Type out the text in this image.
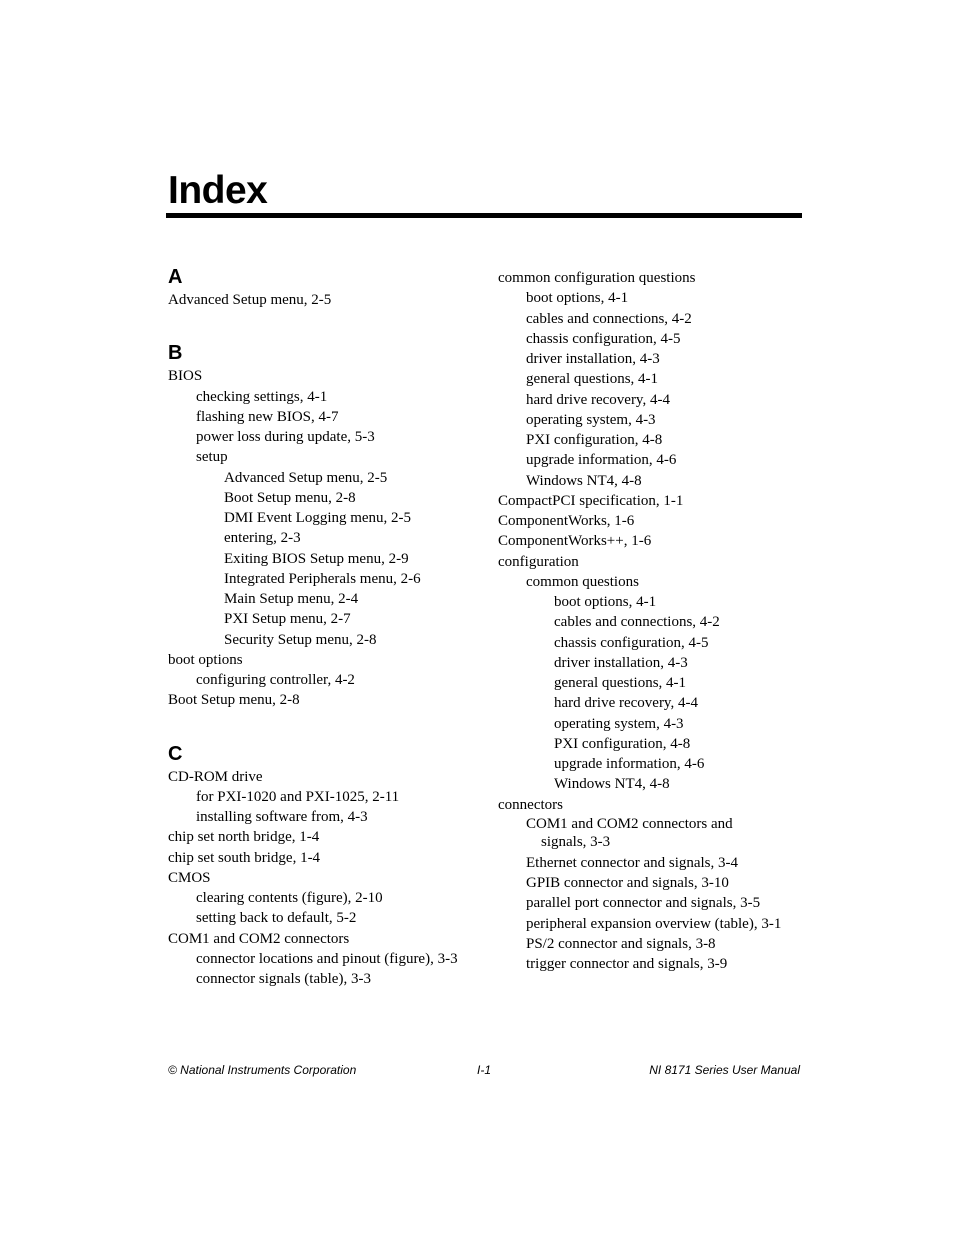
Index
A
Advanced Setup menu, 2-5
B
BIOS
checking settings, 4-1
flashing new BIOS, 4-7
power loss during update, 5-3
setup
Advanced Setup menu, 2-5
Boot Setup menu, 2-8
DMI Event Logging menu, 2-5
entering, 2-3
Exiting BIOS Setup menu, 2-9
Integrated Peripherals menu, 2-6
Main Setup menu, 2-4
PXI Setup menu, 2-7
Security Setup menu, 2-8
boot options
configuring controller, 4-2
Boot Setup menu, 2-8
C
CD-ROM drive
for PXI-1020 and PXI-1025, 2-11
installing software from, 4-3
chip set north bridge, 1-4
chip set south bridge, 1-4
CMOS
clearing contents (figure), 2-10
setting back to default, 5-2
COM1 and COM2 connectors
connector locations and pinout (figure), 3-3
connector signals (table), 3-3
common configuration questions
boot options, 4-1
cables and connections, 4-2
chassis configuration, 4-5
driver installation, 4-3
general questions, 4-1
hard drive recovery, 4-4
operating system, 4-3
PXI configuration, 4-8
upgrade information, 4-6
Windows NT4, 4-8
CompactPCI specification, 1-1
ComponentWorks, 1-6
ComponentWorks++, 1-6
configuration
common questions
boot options, 4-1
cables and connections, 4-2
chassis configuration, 4-5
driver installation, 4-3
general questions, 4-1
hard drive recovery, 4-4
operating system, 4-3
PXI configuration, 4-8
upgrade information, 4-6
Windows NT4, 4-8
connectors
COM1 and COM2 connectors and signals, 3-3
Ethernet connector and signals, 3-4
GPIB connector and signals, 3-10
parallel port connector and signals, 3-5
peripheral expansion overview (table), 3-1
PS/2 connector and signals, 3-8
trigger connector and signals, 3-9
© National Instruments Corporation	I-1	NI 8171 Series User Manual
